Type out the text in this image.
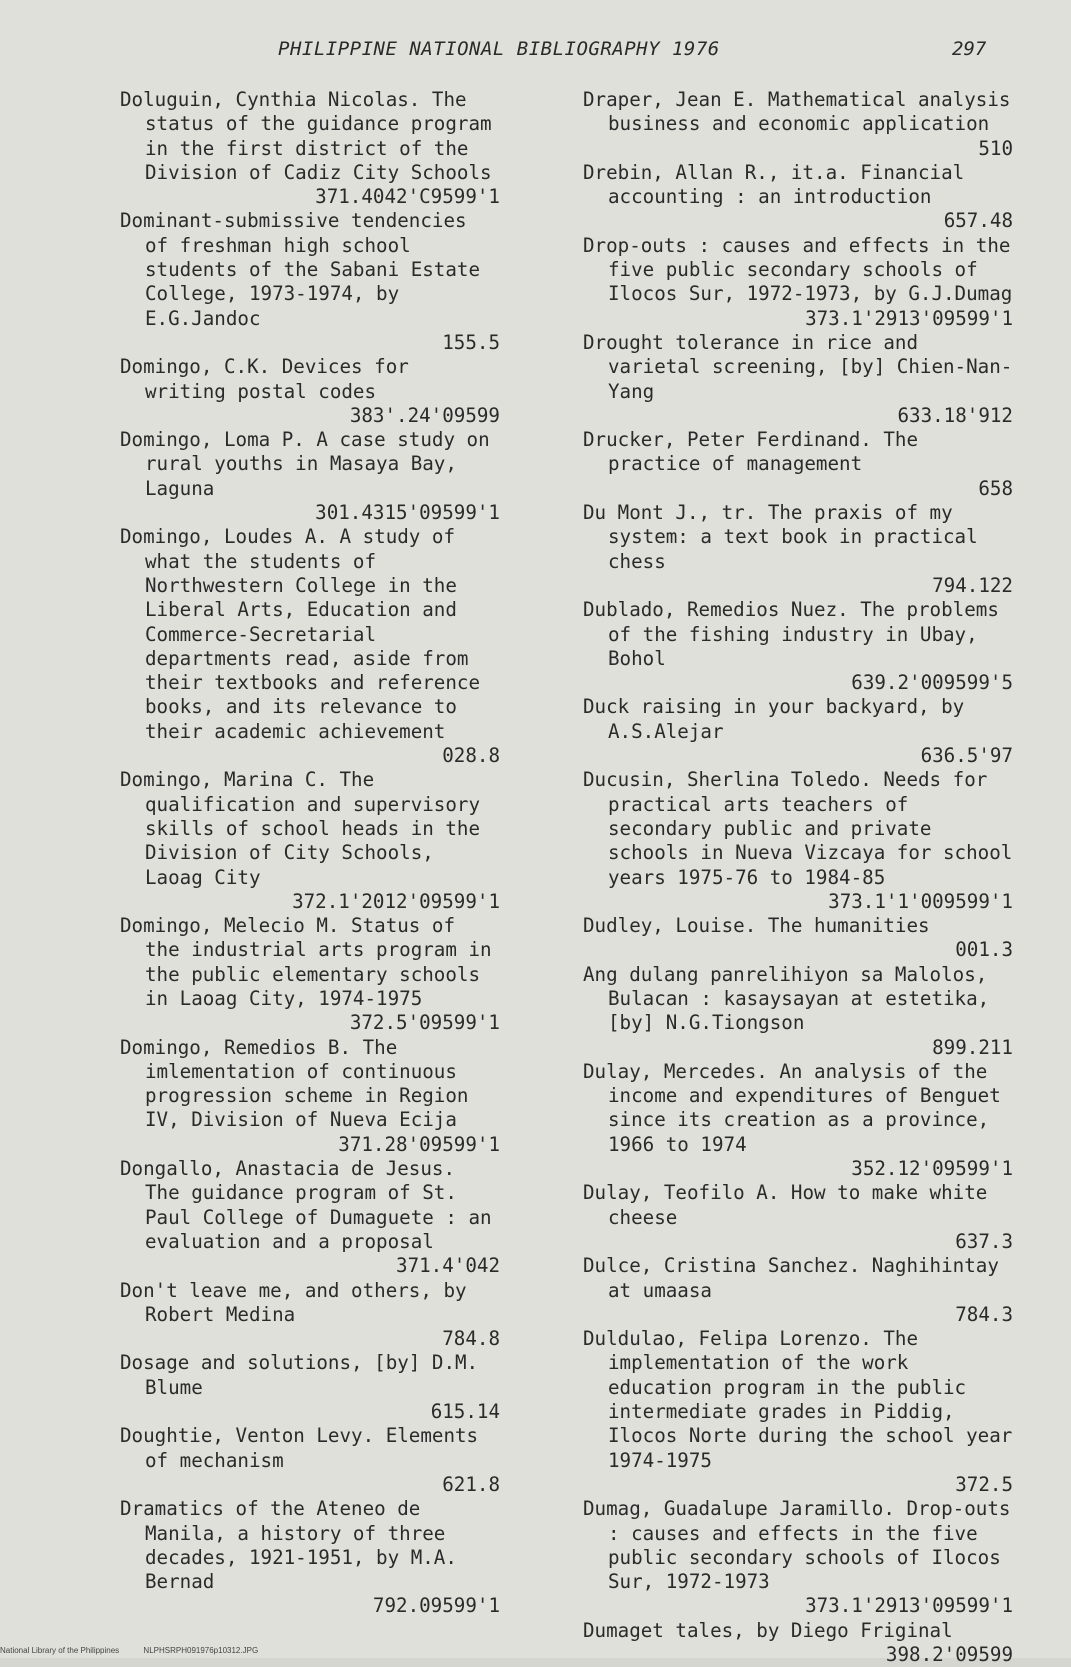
PHILIPPINE NATIONAL BIBLIOGRAPHY 1976	297
Doluguin, Cynthia Nicolas. The status of the guidance program in the first district of the Division of Cadiz City Schools
371.4042'C9599'1
Dominant-submissive tendencies of freshman high school students of the Sabani Estate College, 1973-1974, by E.G.Jandoc
155.5
Domingo, C.K. Devices for writing postal codes
383'.24'09599
Domingo, Loma P. A case study on rural youths in Masaya Bay, Laguna
301.4315'09599'1
Domingo, Loudes A. A study of what the students of Northwestern College in the Liberal Arts, Education and Commerce-Secretarial departments read, aside from their textbooks and reference books, and its relevance to their academic achievement
028.8
Domingo, Marina C. The qualification and supervisory skills of school heads in the Division of City Schools, Laoag City
372.1'2012'09599'1
Domingo, Melecio M. Status of the industrial arts program in the public elementary schools in Laoag City, 1974-1975
372.5'09599'1
Domingo, Remedios B. The imlementation of continuous progression scheme in Region IV, Division of Nueva Ecija
371.28'09599'1
Dongallo, Anastacia de Jesus. The guidance program of St. Paul College of Dumaguete : an evaluation and a proposal
371.4'042
Don't leave me, and others, by Robert Medina
784.8
Dosage and solutions, [by] D.M. Blume
615.14
Doughtie, Venton Levy. Elements of mechanism
621.8
Dramatics of the Ateneo de Manila, a history of three decades, 1921-1951, by M.A. Bernad
792.09599'1
Draper, Jean E. Mathematical analysis business and economic application
510
Drebin, Allan R., it.a. Financial accounting : an introduction
657.48
Drop-outs : causes and effects in the five public secondary schools of Ilocos Sur, 1972-1973, by G.J.Dumag
373.1'2913'09599'1
Drought tolerance in rice and varietal screening, [by] Chien-Nan-Yang
633.18'912
Drucker, Peter Ferdinand. The practice of management
658
Du Mont J., tr. The praxis of my system: a text book in practical chess
794.122
Dublado, Remedios Nuez. The problems of the fishing industry in Ubay, Bohol
639.2'009599'5
Duck raising in your backyard, by A.S.Alejar
636.5'97
Ducusin, Sherlina Toledo. Needs for practical arts teachers of secondary public and private schools in Nueva Vizcaya for school years 1975-76 to 1984-85
373.1'1'009599'1
Dudley, Louise. The humanities
001.3
Ang dulang panrelihiyon sa Malolos, Bulacan : kasaysayan at estetika, [by] N.G.Tiongson
899.211
Dulay, Mercedes. An analysis of the income and expenditures of Benguet since its creation as a province, 1966 to 1974
352.12'09599'1
Dulay, Teofilo A. How to make white cheese
637.3
Dulce, Cristina Sanchez. Naghihintay at umaasa
784.3
Duldulao, Felipa Lorenzo. The implementation of the work education program in the public intermediate grades in Piddig, Ilocos Norte during the school year 1974-1975
372.5
Dumag, Guadalupe Jaramillo. Drop-outs : causes and effects in the five public secondary schools of Ilocos Sur, 1972-1973
373.1'2913'09599'1
Dumaget tales, by Diego Friginal
398.2'09599
National Library of the Philippines	NLPHSRPH091976p10312.JPG
